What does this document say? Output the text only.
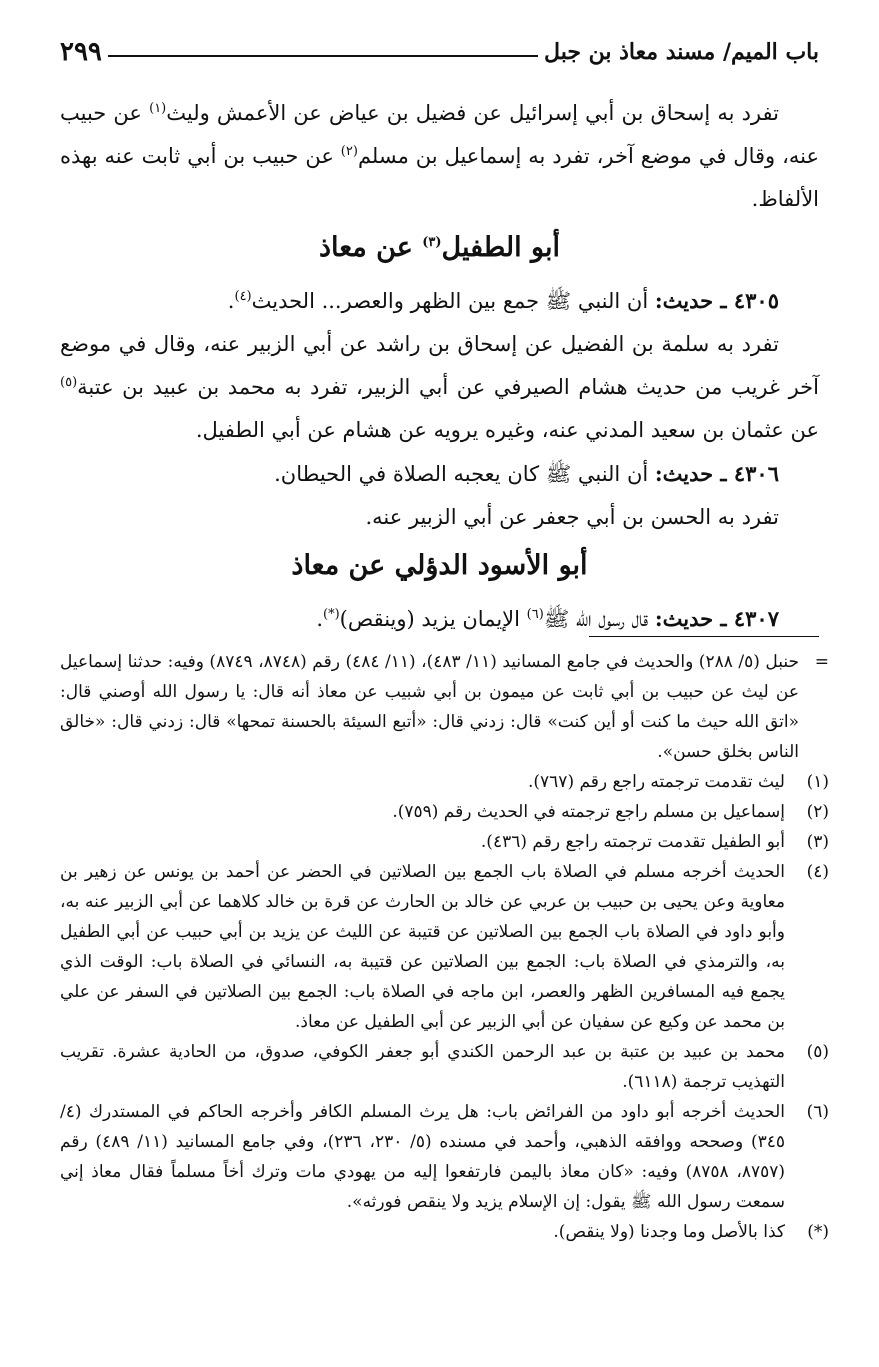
باب الميم/ مسند معاذ بن جبل
٢٩٩

تفرد به إسحاق بن أبي إسرائيل عن فضيل بن عياض عن الأعمش وليث$^{(١)}$ عن حبيب عنه، وقال في موضع آخر، تفرد به إسماعيل بن مسلم$^{(٢)}$ عن حبيب بن أبي ثابت عنه بهذه الألفاظ.

أبو الطفيل$^{(٣)}$ عن معاذ

٤٣٠٥ ـ حديث: أن النبي ﷺ جمع بين الظهر والعصر... الحديث$^{(٤)}$.

تفرد به سلمة بن الفضيل عن إسحاق بن راشد عن أبي الزبير عنه، وقال في موضع آخر غريب من حديث هشام الصيرفي عن أبي الزبير، تفرد به محمد بن عبيد بن عتبة$^{(٥)}$ عن عثمان بن سعيد المدني عنه، وغيره يرويه عن هشام عن أبي الطفيل.

٤٣٠٦ ـ حديث: أن النبي ﷺ كان يعجبه الصلاة في الحيطان.

تفرد به الحسن بن أبي جعفر عن أبي الزبير عنه.

أبو الأسود الدؤلي عن معاذ

٤٣٠٧ ـ حديث: قال رسول الله ﷺ$^{(٦)}$ الإيمان يزيد (وينقص)(*).

=
حنبل (٥/ ٢٨٨) والحديث في جامع المسانيد (١١/ ٤٨٣)، (١١/ ٤٨٤) رقم (٨٧٤٨، ٨٧٤٩) وفيه: حدثنا إسماعيل عن ليث عن حبيب بن أبي ثابت عن ميمون بن أبي شبيب عن معاذ أنه قال: يا رسول الله أوصني قال: «اتق الله حيث ما كنت أو أين كنت» قال: زدني قال: «أتبع السيئة بالحسنة تمحها» قال: زدني قال: «خالق الناس بخلق حسن».
(١)
ليث تقدمت ترجمته راجع رقم (٧٦٧).
(٢)
إسماعيل بن مسلم راجع ترجمته في الحديث رقم (٧٥٩).
(٣)
أبو الطفيل تقدمت ترجمته راجع رقم (٤٣٦).
(٤)
الحديث أخرجه مسلم في الصلاة باب الجمع بين الصلاتين في الحضر عن أحمد بن يونس عن زهير بن معاوية وعن يحيى بن حبيب بن عربي عن خالد بن الحارث عن قرة بن خالد كلاهما عن أبي الزبير عنه به، وأبو داود في الصلاة باب الجمع بين الصلاتين عن قتيبة عن الليث عن يزيد بن أبي حبيب عن أبي الطفيل به، والترمذي في الصلاة باب: الجمع بين الصلاتين عن قتيبة به، النسائي في الصلاة باب: الوقت الذي يجمع فيه المسافرين الظهر والعصر، ابن ماجه في الصلاة باب: الجمع بين الصلاتين في السفر عن علي بن محمد عن وكيع عن سفيان عن أبي الزبير عن أبي الطفيل عن معاذ.
(٥)
محمد بن عبيد بن عتبة بن عبد الرحمن الكندي أبو جعفر الكوفي، صدوق، من الحادية عشرة. تقريب التهذيب ترجمة (٦١١٨).
(٦)
الحديث أخرجه أبو داود من الفرائض باب: هل يرث المسلم الكافر وأخرجه الحاكم في المستدرك (٤/ ٣٤٥) وصححه ووافقه الذهبي، وأحمد في مسنده (٥/ ٢٣٠، ٢٣٦)، وفي جامع المسانيد (١١/ ٤٨٩) رقم (٨٧٥٧، ٨٧٥٨) وفيه: «كان معاذ باليمن فارتفعوا إليه من يهودي مات وترك أخاً مسلماً فقال معاذ إني سمعت رسول الله ﷺ يقول: إن الإسلام يزيد ولا ينقص فورثه».
(*)
كذا بالأصل وما وجدنا (ولا ينقص).
